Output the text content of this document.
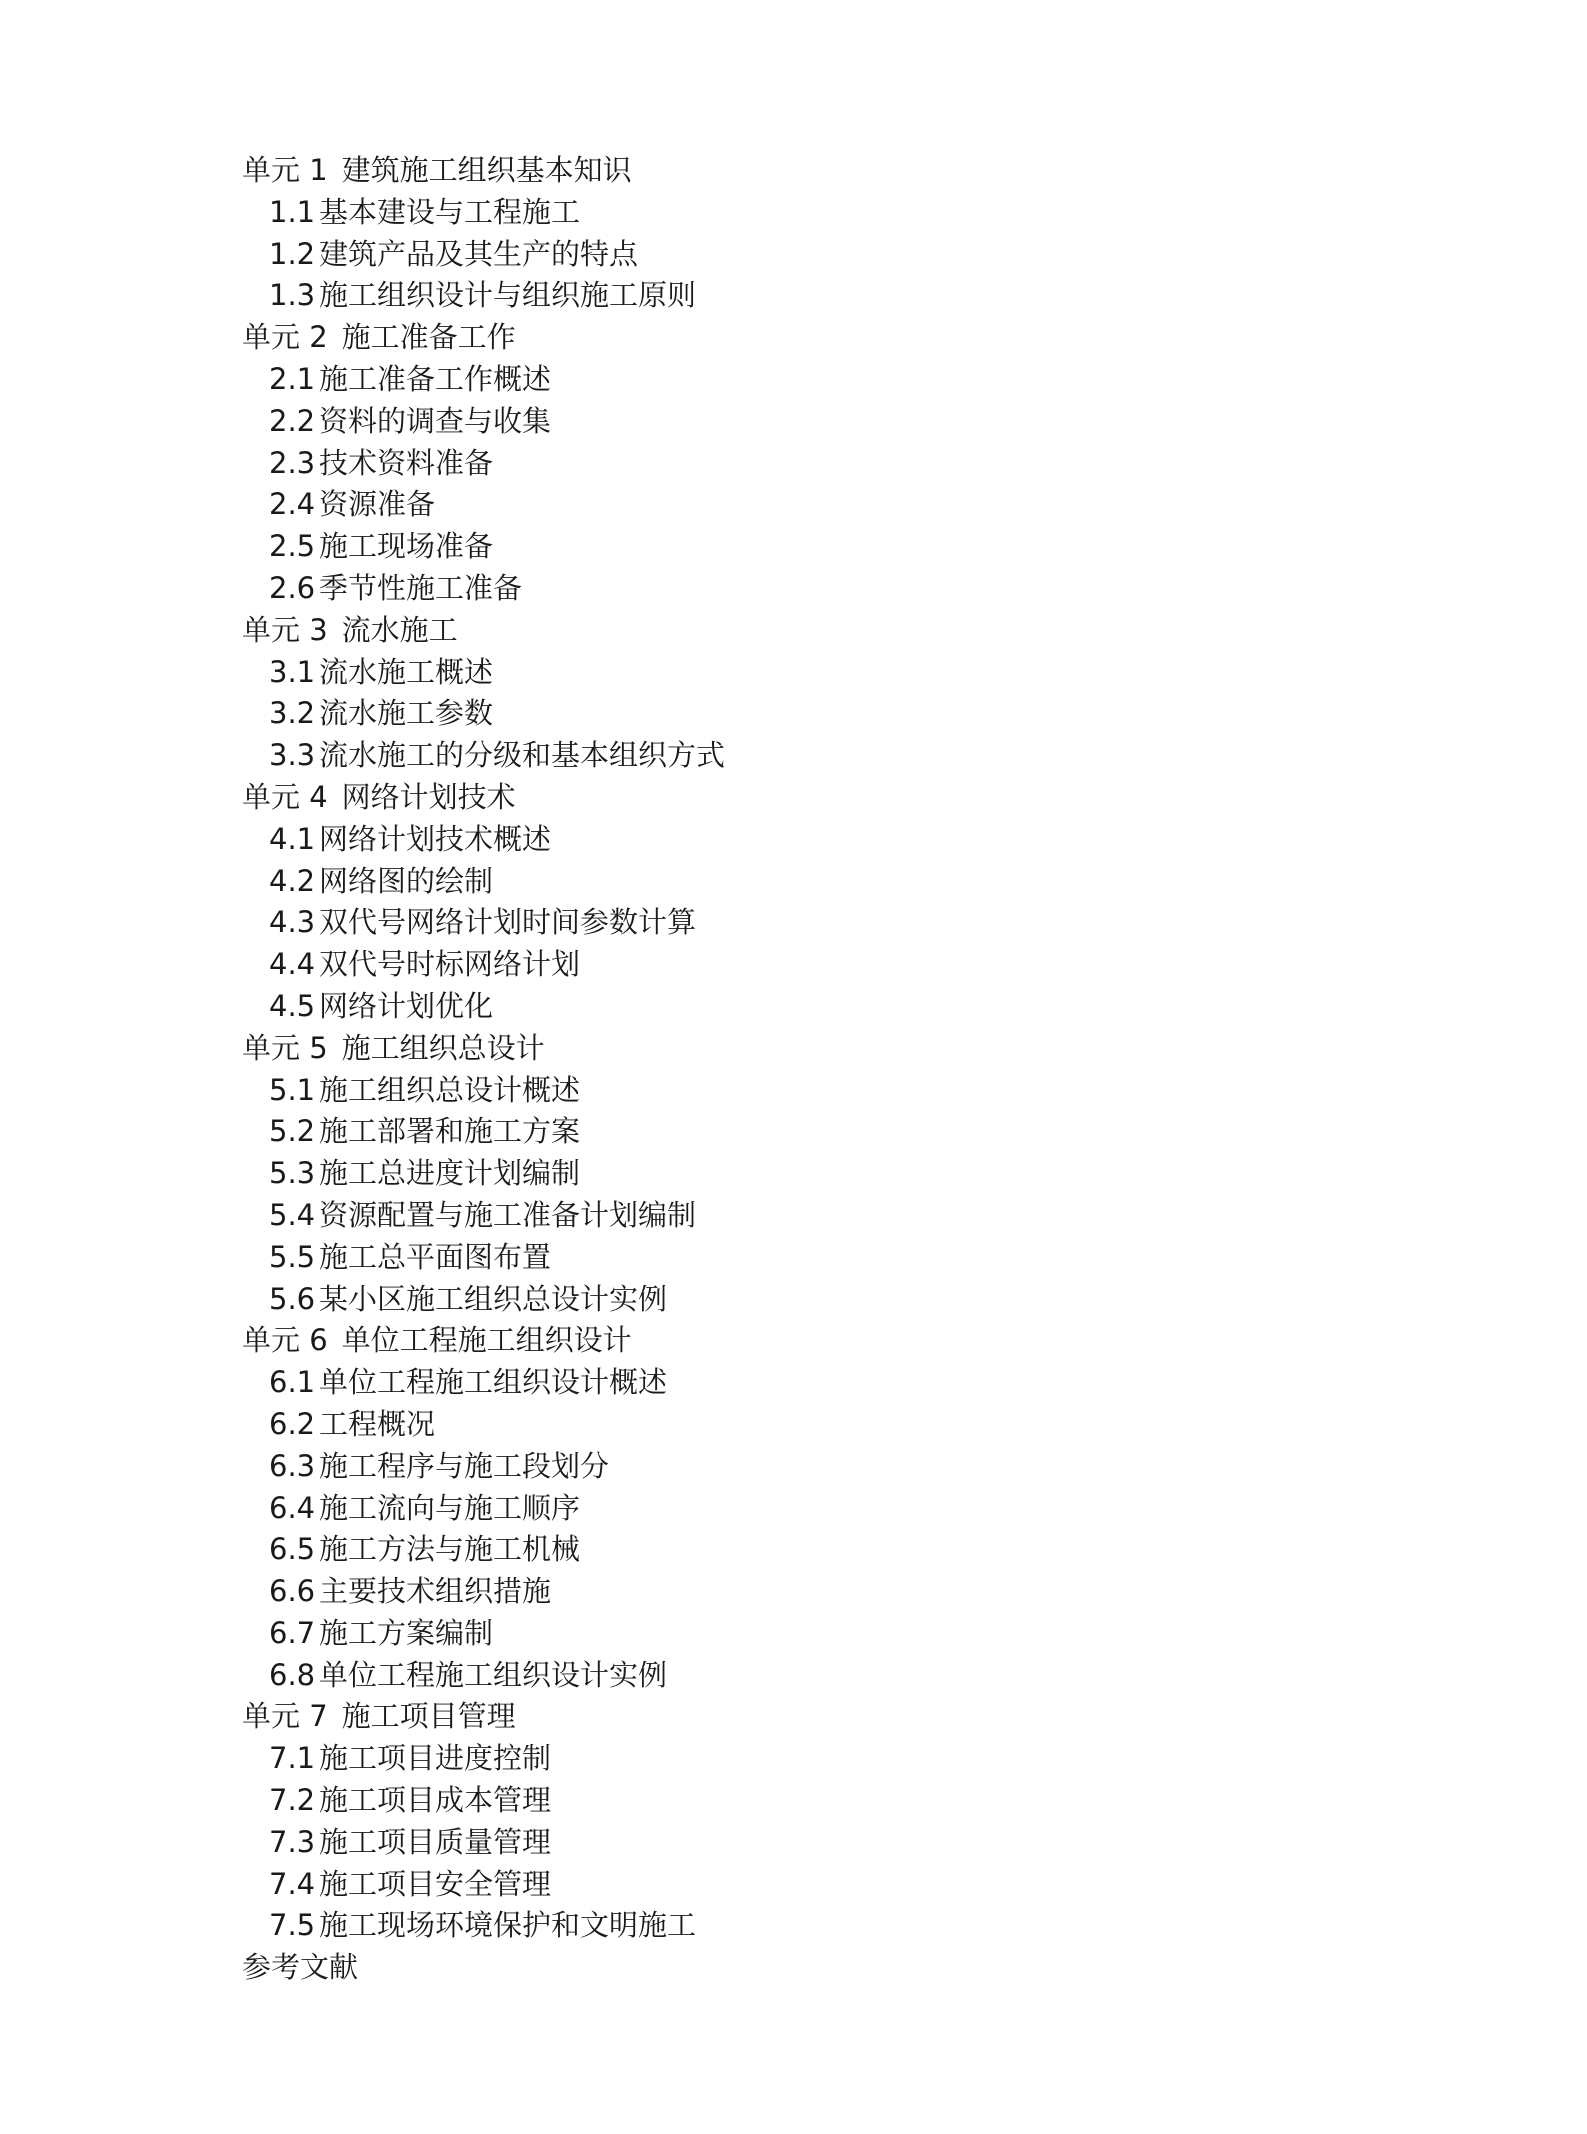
单元 1 建筑施工组织基本知识
1.1 基本建设与工程施工
1.2 建筑产品及其生产的特点
1.3 施工组织设计与组织施工原则
单元 2 施工准备工作
2.1 施工准备工作概述
2.2 资料的调查与收集
2.3 技术资料准备
2.4 资源准备
2.5 施工现场准备
2.6 季节性施工准备
单元 3 流水施工
3.1 流水施工概述
3.2 流水施工参数
3.3 流水施工的分级和基本组织方式
单元 4 网络计划技术
4.1 网络计划技术概述
4.2 网络图的绘制
4.3 双代号网络计划时间参数计算
4.4 双代号时标网络计划
4.5 网络计划优化
单元 5 施工组织总设计
5.1 施工组织总设计概述
5.2 施工部署和施工方案
5.3 施工总进度计划编制
5.4 资源配置与施工准备计划编制
5.5 施工总平面图布置
5.6 某小区施工组织总设计实例
单元 6 单位工程施工组织设计
6.1 单位工程施工组织设计概述
6.2 工程概况
6.3 施工程序与施工段划分
6.4 施工流向与施工顺序
6.5 施工方法与施工机械
6.6 主要技术组织措施
6.7 施工方案编制
6.8 单位工程施工组织设计实例
单元 7 施工项目管理
7.1 施工项目进度控制
7.2 施工项目成本管理
7.3 施工项目质量管理
7.4 施工项目安全管理
7.5 施工现场环境保护和文明施工
参考文献
